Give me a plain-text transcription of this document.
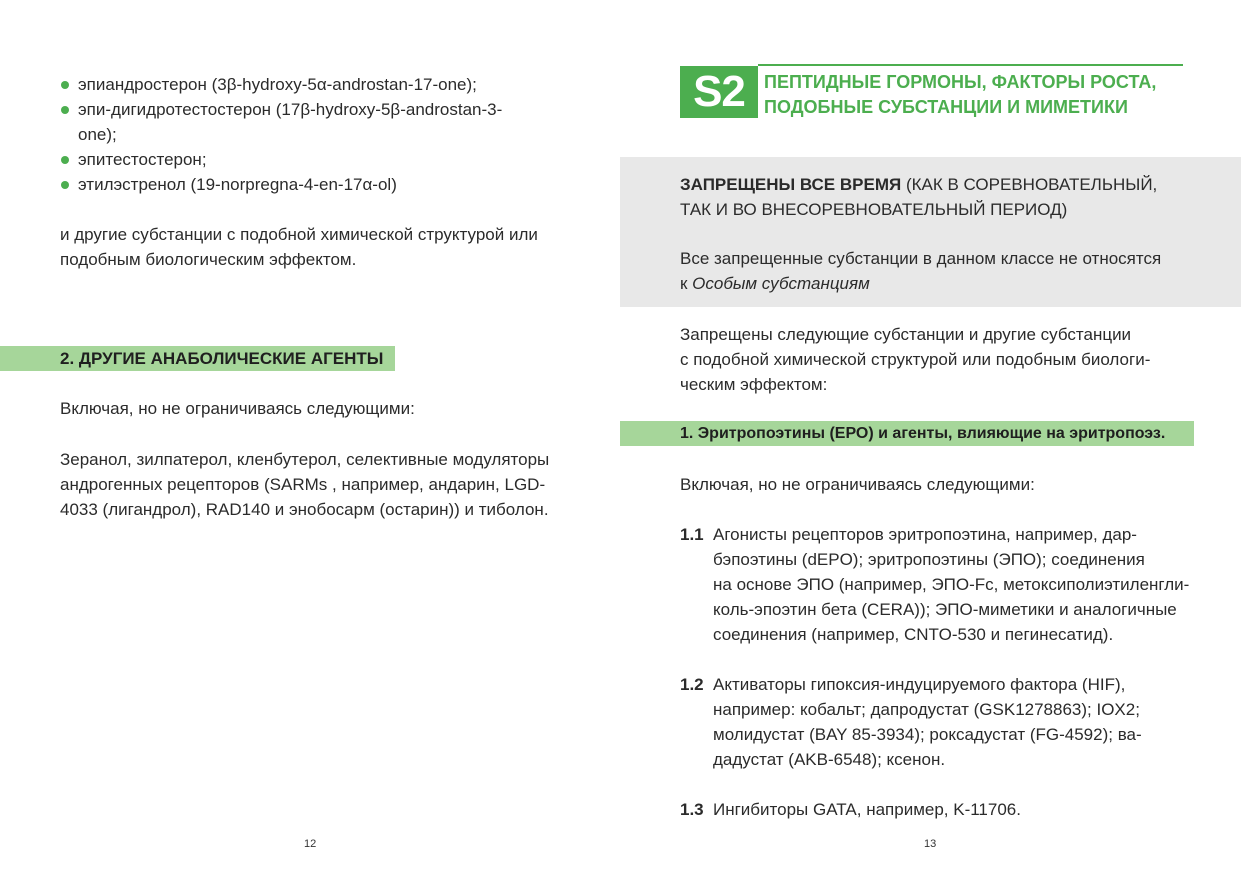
эпиандростерон (3β-hydroxy-5α-androstan-17-one);
эпи-дигидротестостерон (17β-hydroxy-5β-androstan-3-
one);
эпитестостерон;
этилэстренол (19-norpregna-4-en-17α-ol)
и другие субстанции с подобной химической структурой или
подобным биологическим эффектом.
2. ДРУГИЕ АНАБОЛИЧЕСКИЕ АГЕНТЫ
Включая, но не ограничиваясь следующими:
Зеранол, зилпатерол, кленбутерол, селективные модуляторы
андрогенных рецепторов (SARMs , например, андарин, LGD-
4033 (лигандрол), RAD140 и энобосарм (остарин)) и тиболон.
12
S2	ПЕПТИДНЫЕ ГОРМОНЫ, ФАКТОРЫ РОСТА,
ПОДОБНЫЕ СУБСТАНЦИИ И МИМЕТИКИ
ЗАПРЕЩЕНЫ ВСЕ ВРЕМЯ (КАК В СОРЕВНОВАТЕЛЬНЫЙ,
ТАК И ВО ВНЕСОРЕВНОВАТЕЛЬНЫЙ ПЕРИОД)
Все запрещенные субстанции в данном классе не относятся
к Особым субстанциям
Запрещены следующие субстанции и другие субстанции
с подобной химической структурой или подобным биологи-
ческим эффектом:
1. Эритропоэтины (ЕРО) и агенты, влияющие на эритропоэз.
Включая, но не ограничиваясь следующими:
1.1 Агонисты рецепторов эритропоэтина, например, дар-
бэпоэтины (dEPO); эритропоэтины (ЭПО); соединения
на основе ЭПО (например, ЭПО-Fc, метоксиполиэтиленгли-
коль-эпоэтин бета (CERA)); ЭПО-миметики и аналогичные
соединения (например, CNTO-530 и пегинесатид).
1.2 Активаторы гипоксия-индуцируемого фактора (HIF),
например: кобальт; дапродустат (GSK1278863); IOX2;
молидустат (BAY 85-3934); роксадустат (FG-4592); ва-
дадустат (AKB-6548); ксенон.
1.3 Ингибиторы GATA, например, K-11706.
13
